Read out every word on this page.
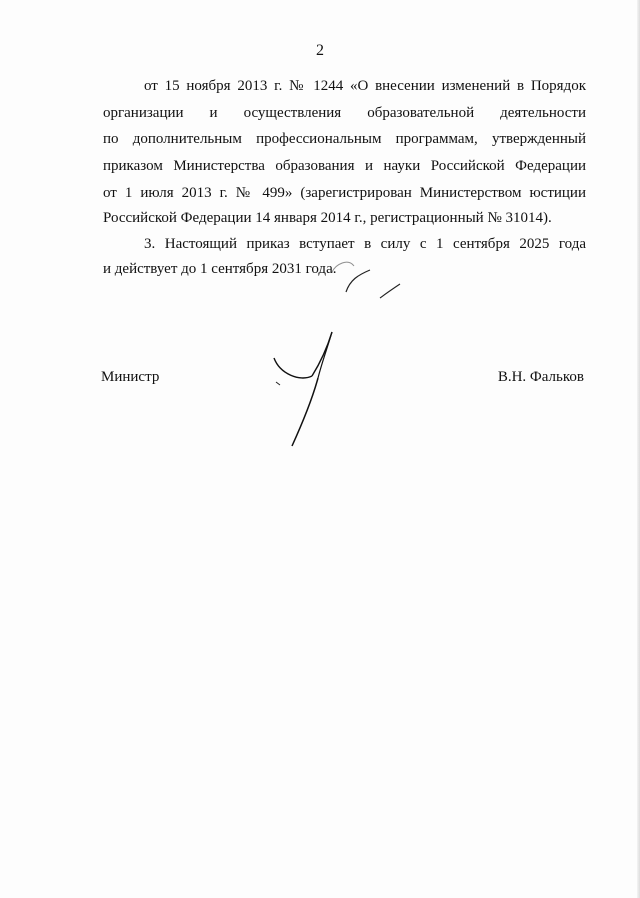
2
от 15 ноября 2013 г. № 1244 «О внесении изменений в Порядок
организации и осуществления образовательной деятельности
по дополнительным профессиональным программам, утвержденный
приказом Министерства образования и науки Российской Федерации
от 1 июля 2013 г. № 499» (зарегистрирован Министерством юстиции
Российской Федерации 14 января 2014 г., регистрационный № 31014).
3. Настоящий приказ вступает в силу с 1 сентября 2025 года
и действует до 1 сентября 2031 года.
Министр	В.Н. Фальков
